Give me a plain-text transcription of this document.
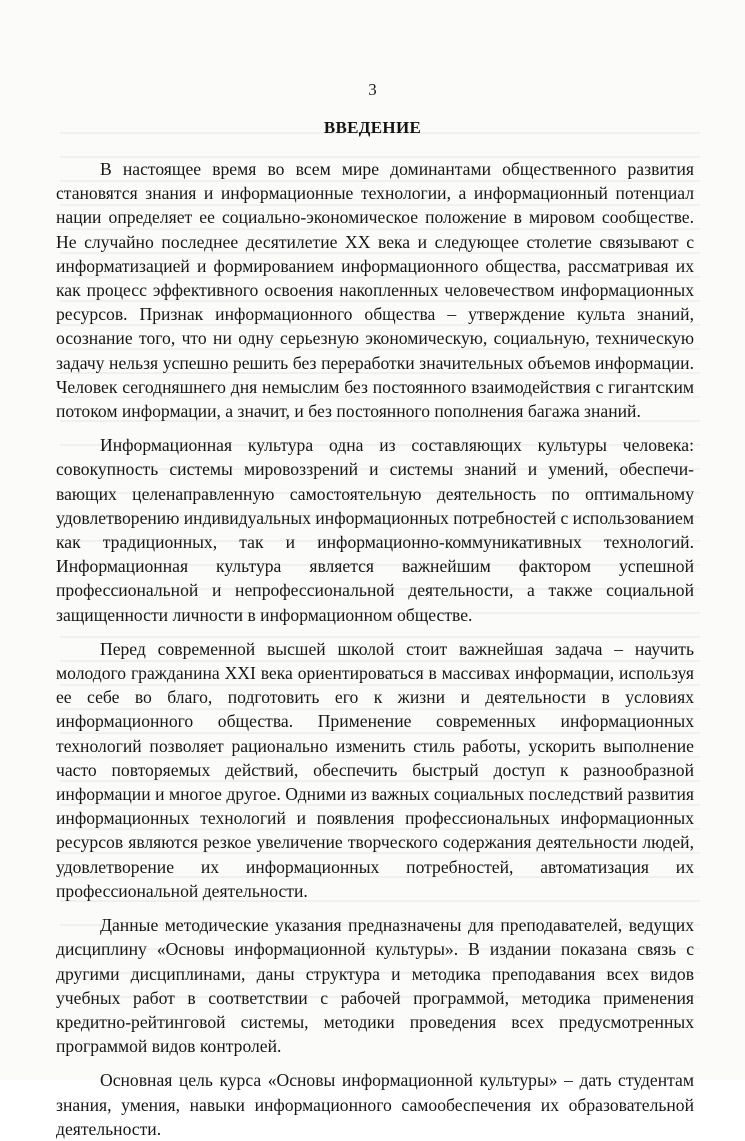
3
ВВЕДЕНИЕ

В настоящее время во всем мире доминантами общественного развития становятся знания и информационные технологии, а информационный потенциал нации определяет ее социально-экономическое положение в мировом сообществе. Не случайно последнее десятилетие XX века и следующее столетие связывают с информатизацией и формированием информационного общества, рассматривая их как процесс эффективного освоения накопленных человечеством информационных ресурсов. Признак информационного общества – утверждение культа знаний, осознание того, что ни одну серьезную экономическую, социальную, техническую задачу нельзя успешно решить без переработки значительных объемов информации. Человек сегодняшнего дня немыслим без постоянного взаимодействия с гигантским потоком информации, а значит, и без постоянного пополнения багажа знаний.

Информационная культура одна из составляющих культуры человека: совокупность системы мировоззрений и системы знаний и умений, обеспечивающих целенаправленную самостоятельную деятельность по оптимальному удовлетворению индивидуальных информационных потребностей с использованием как традиционных, так и информационно-коммуникативных технологий. Информационная культура является важнейшим фактором успешной профессиональной и непрофессиональной деятельности, а также социальной защищенности личности в информационном обществе.

Перед современной высшей школой стоит важнейшая задача – научить молодого гражданина XXI века ориентироваться в массивах информации, используя ее себе во благо, подготовить его к жизни и деятельности в условиях информационного общества. Применение современных информационных технологий позволяет рационально изменить стиль работы, ускорить выполнение часто повторяемых действий, обеспечить быстрый доступ к разнообразной информации и многое другое. Одними из важных социальных последствий развития информационных технологий и появления профессиональных информационных ресурсов являются резкое увеличение творческого содержания деятельности людей, удовлетворение их информационных потребностей, автоматизация их профессиональной деятельности.

Данные методические указания предназначены для преподавателей, ведущих дисциплину «Основы информационной культуры». В издании показана связь с другими дисциплинами, даны структура и методика преподавания всех видов учебных работ в соответствии с рабочей программой, методика применения кредитно-рейтинговой системы, методики проведения всех предусмотренных программой видов контролей.

Основная цель курса «Основы информационной культуры» – дать студентам знания, умения, навыки информационного самообеспечения их образовательной деятельности.
